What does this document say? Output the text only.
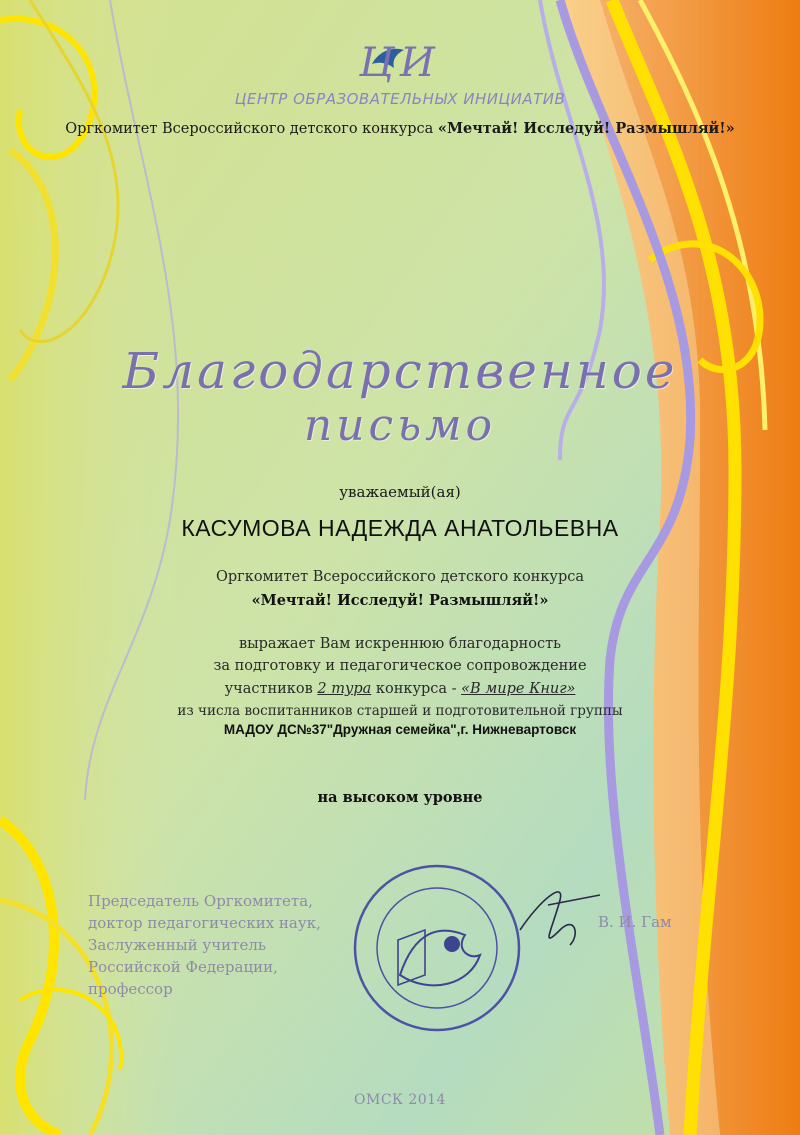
ЦИ
ЦЕНТР ОБРАЗОВАТЕЛЬНЫХ ИНИЦИАТИВ
Оргкомитет Всероссийского детского конкурса «Мечтай! Исследуй! Размышляй!»
Благодарственное
письмо
уважаемый(ая)
КАСУМОВА НАДЕЖДА АНАТОЛЬЕВНА
Оргкомитет Всероссийского детского конкурса
«Мечтай! Исследуй! Размышляй!»
выражает Вам искреннюю благодарность
за подготовку и педагогическое сопровождение
участников 2 тура конкурса - «В мире Книг»
из числа воспитанников старшей и подготовительной группы
МАДОУ ДС№37"Дружная семейка",г. Нижневартовск
на высоком уровне
Председатель Оргкомитета,
доктор педагогических наук,
Заслуженный учитель
Российской Федерации,
профессор
В. И. Гам
ОМСК 2014
